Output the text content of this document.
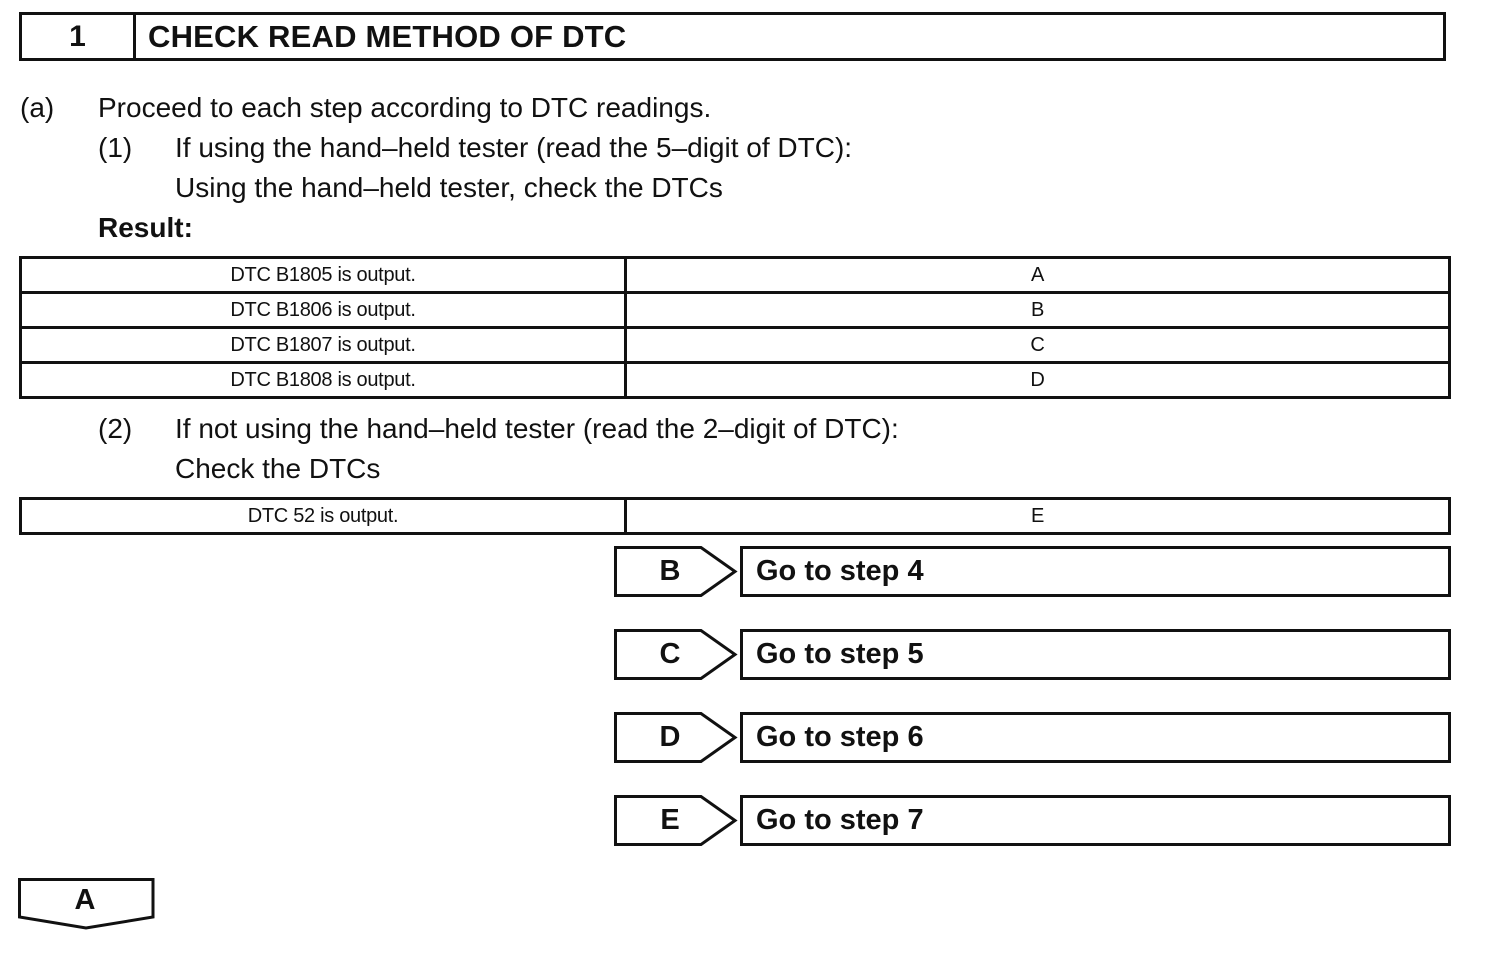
1	CHECK READ METHOD OF DTC
(a) Proceed to each step according to DTC readings.
(1) If using the hand–held tester (read the 5–digit of DTC):
Using the hand–held tester, check the DTCs
Result:
DTC B1805 is output.	A
DTC B1806 is output.	B
DTC B1807 is output.	C
DTC B1808 is output.	D
(2) If not using the hand–held tester (read the 2–digit of DTC):
Check the DTCs
DTC 52 is output.	E
B	Go to step 4
C	Go to step 5
D	Go to step 6
E	Go to step 7
A
